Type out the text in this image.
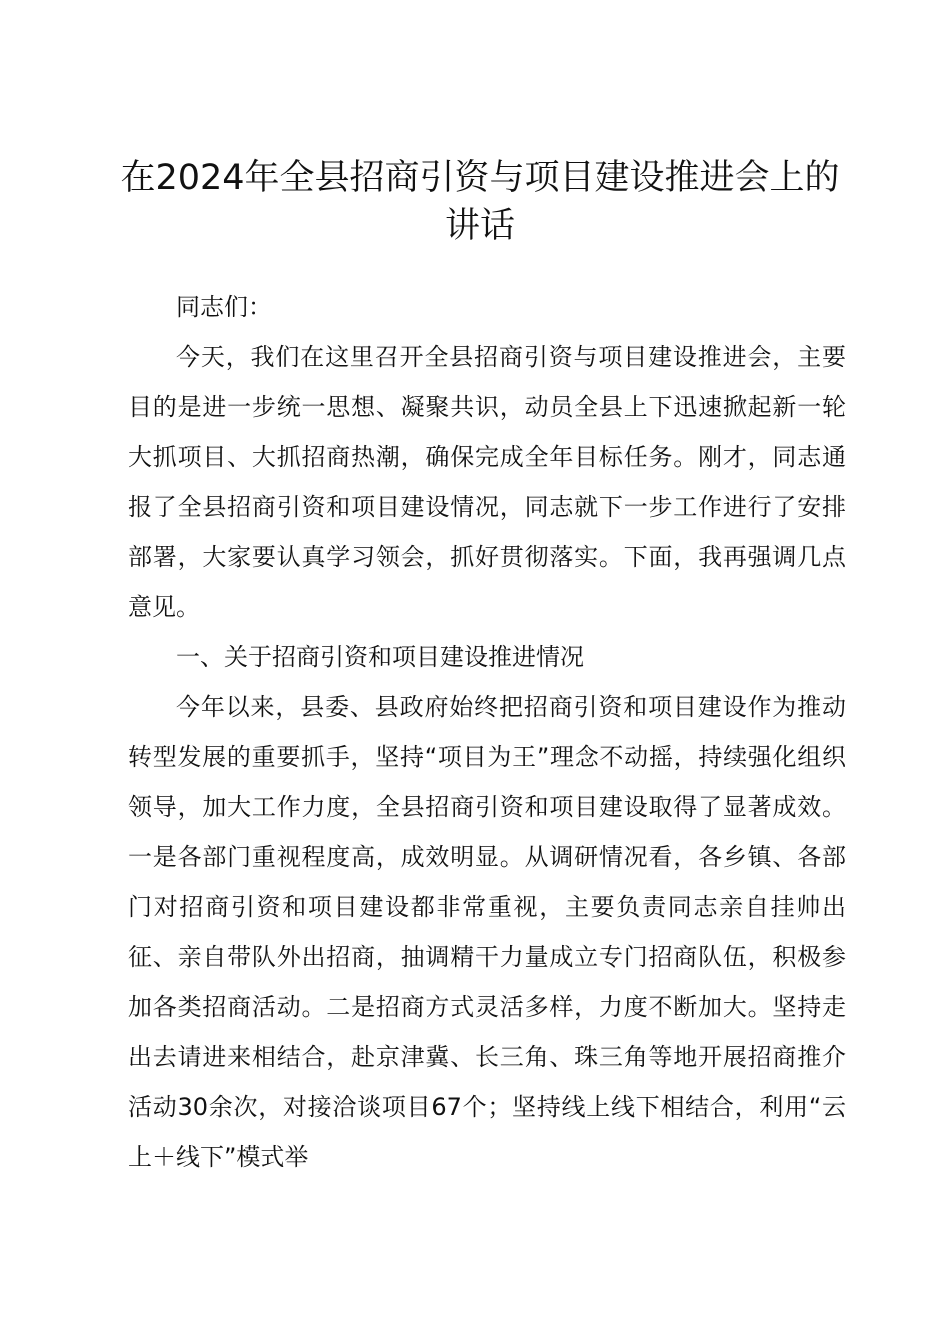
在2024年全县招商引资与项目建设推进会上的讲话

同志们：

今天，我们在这里召开全县招商引资与项目建设推进会，主要目的是进一步统一思想、凝聚共识，动员全县上下迅速掀起新一轮大抓项目、大抓招商热潮，确保完成全年目标任务。刚才，同志通报了全县招商引资和项目建设情况，同志就下一步工作进行了安排部署，大家要认真学习领会，抓好贯彻落实。下面，我再强调几点意见。

一、关于招商引资和项目建设推进情况

今年以来，县委、县政府始终把招商引资和项目建设作为推动转型发展的重要抓手，坚持“项目为王”理念不动摇，持续强化组织领导，加大工作力度，全县招商引资和项目建设取得了显著成效。一是各部门重视程度高，成效明显。从调研情况看，各乡镇、各部门对招商引资和项目建设都非常重视，主要负责同志亲自挂帅出征、亲自带队外出招商，抽调精干力量成立专门招商队伍，积极参加各类招商活动。二是招商方式灵活多样，力度不断加大。坚持走出去请进来相结合，赴京津冀、长三角、珠三角等地开展招商推介活动30余次，对接洽谈项目67个；坚持线上线下相结合，利用“云上＋线下”模式举
